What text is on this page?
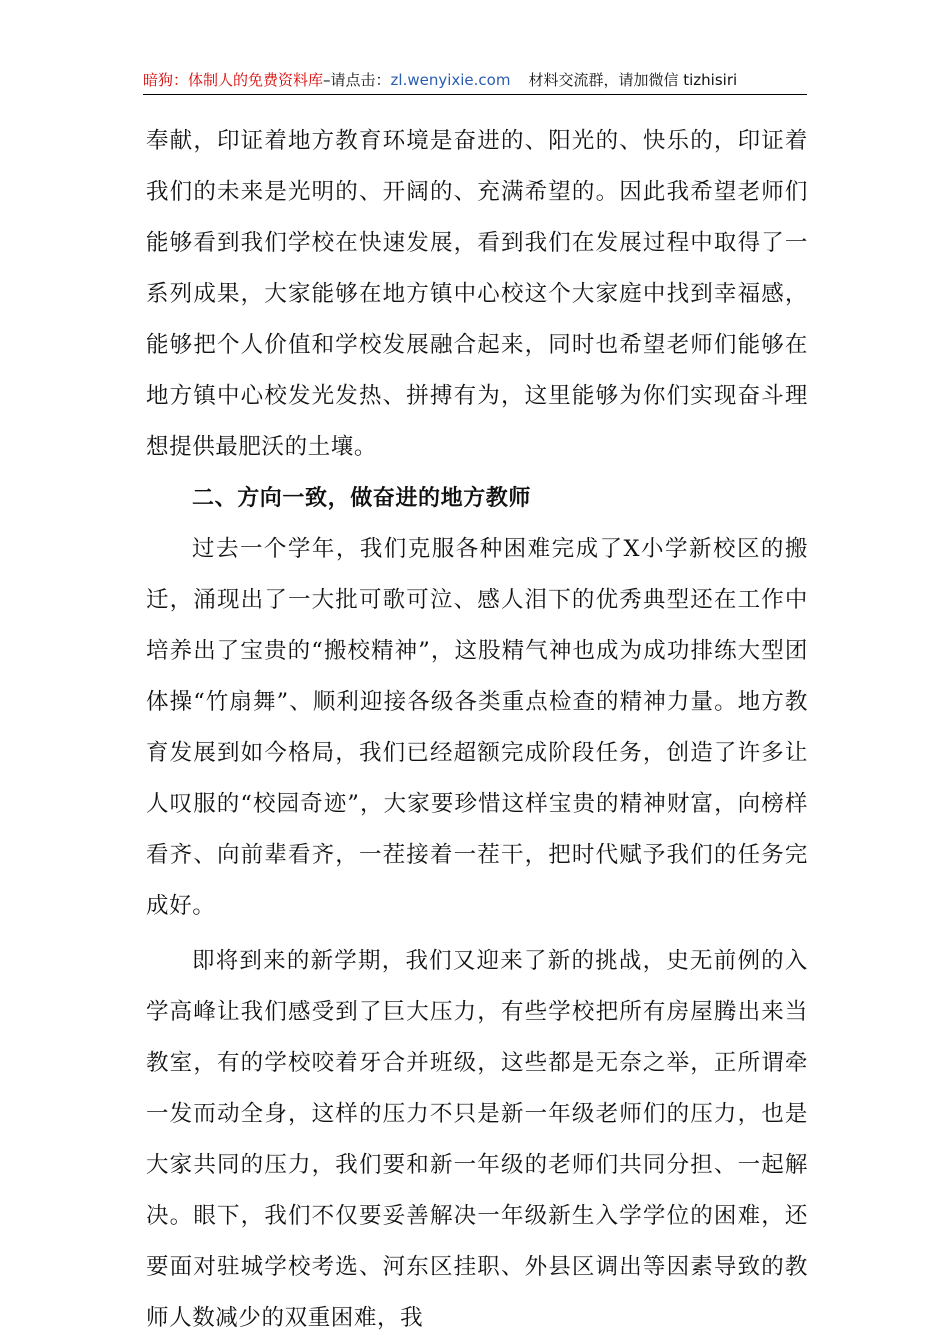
暗狗：体制人的免费资料库–请点击：zl.wenyixie.com 材料交流群，请加微信 tizhisiri

奉献，印证着地方教育环境是奋进的、阳光的、快乐的，印证着我们的未来是光明的、开阔的、充满希望的。因此我希望老师们能够看到我们学校在快速发展，看到我们在发展过程中取得了一系列成果，大家能够在地方镇中心校这个大家庭中找到幸福感，能够把个人价值和学校发展融合起来，同时也希望老师们能够在地方镇中心校发光发热、拼搏有为，这里能够为你们实现奋斗理想提供最肥沃的土壤。

二、方向一致，做奋进的地方教师

过去一个学年，我们克服各种困难完成了X小学新校区的搬迁，涌现出了一大批可歌可泣、感人泪下的优秀典型还在工作中培养出了宝贵的“搬校精神”，这股精气神也成为成功排练大型团体操“竹扇舞”、顺利迎接各级各类重点检查的精神力量。地方教育发展到如今格局，我们已经超额完成阶段任务，创造了许多让人叹服的“校园奇迹”，大家要珍惜这样宝贵的精神财富，向榜样看齐、向前辈看齐，一茬接着一茬干，把时代赋予我们的任务完成好。

即将到来的新学期，我们又迎来了新的挑战，史无前例的入学高峰让我们感受到了巨大压力，有些学校把所有房屋腾出来当教室，有的学校咬着牙合并班级，这些都是无奈之举，正所谓牵一发而动全身，这样的压力不只是新一年级老师们的压力，也是大家共同的压力，我们要和新一年级的老师们共同分担、一起解决。眼下，我们不仅要妥善解决一年级新生入学学位的困难，还要面对驻城学校考选、河东区挂职、外县区调出等因素导致的教师人数减少的双重困难，我
